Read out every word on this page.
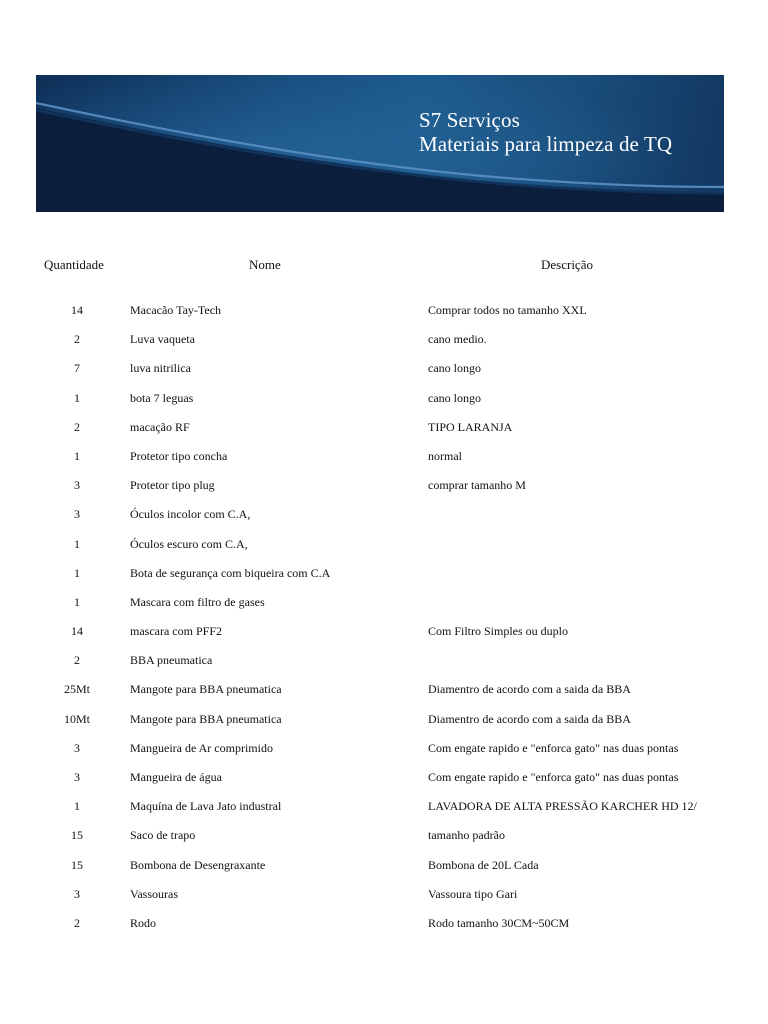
S7 Serviços
Materiais para limpeza de TQ
Quantidade	Nome	Descrição
14	Macacão Tay-Tech	Comprar todos no tamanho XXL
2	Luva vaqueta	cano medio.
7	luva nitrilica	cano longo
1	bota 7 leguas	cano longo
2	macação RF	TIPO LARANJA
1	Protetor tipo concha	normal
3	Protetor tipo plug	comprar tamanho M
3	Óculos incolor com C.A,
1	Óculos escuro com C.A,
1	Bota de segurança com biqueira com C.A
1	Mascara com filtro de gases
14	mascara com PFF2	Com Filtro Simples ou duplo
2	BBA pneumatica
25Mt	Mangote para BBA pneumatica	Diamentro de acordo com a saida da BBA
10Mt	Mangote para BBA pneumatica	Diamentro de acordo com a saida da BBA
3	Mangueira de Ar comprimido	Com engate rapido e "enforca gato" nas duas pontas
3	Mangueira de água	Com engate rapido e "enforca gato" nas duas pontas
1	Maquína de Lava Jato industral	LAVADORA DE ALTA PRESSÃO KARCHER HD 12/
15	Saco de trapo	tamanho padrão
15	Bombona de Desengraxante	Bombona de 20L Cada
3	Vassouras	Vassoura tipo Gari
2	Rodo	Rodo tamanho 30CM~50CM
